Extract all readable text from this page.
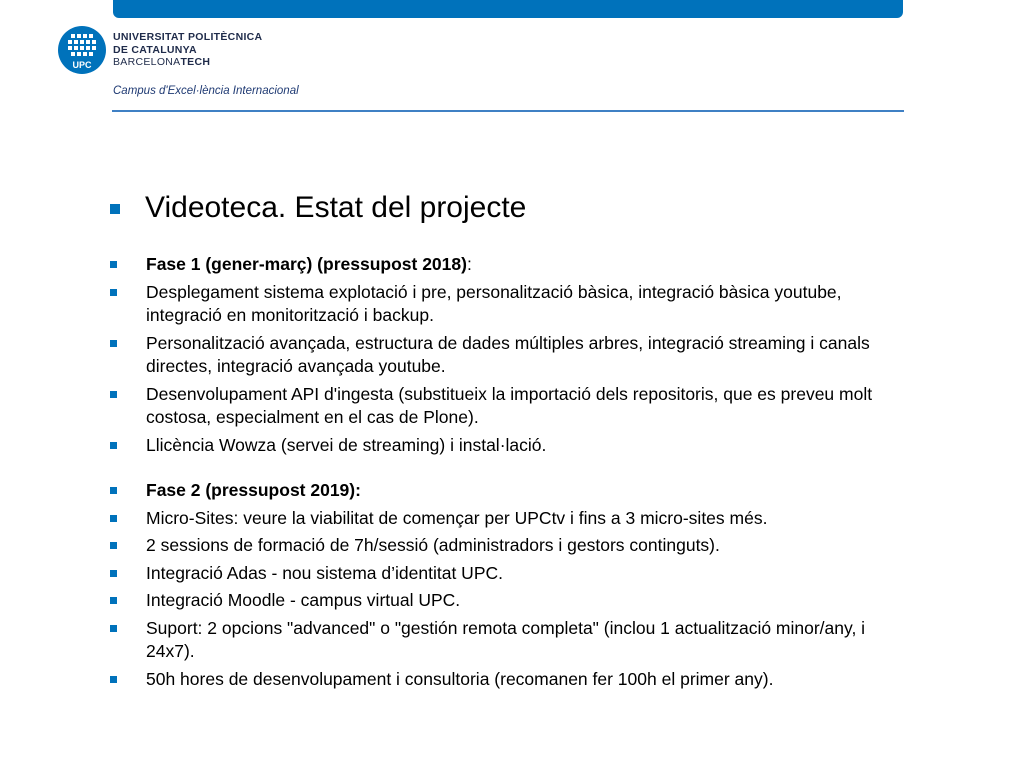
UPC
UNIVERSITAT POLITÈCNICA
DE CATALUNYA
BARCELONATECH
Campus d'Excel·lència Internacional
Videoteca. Estat del projecte
Fase 1 (gener-març) (pressupost 2018):
Desplegament sistema explotació i pre, personalització bàsica, integració bàsica youtube, integració en monitorització i backup.
Personalització avançada, estructura de dades múltiples arbres, integració streaming i canals directes, integració avançada youtube.
Desenvolupament API d'ingesta (substitueix la importació dels repositoris, que es preveu molt costosa, especialment en el cas de Plone).
Llicència Wowza (servei de streaming) i instal·lació.
Fase 2 (pressupost 2019):
Micro-Sites: veure la viabilitat de començar per UPCtv i fins a 3 micro-sites més.
2 sessions de formació de 7h/sessió (administradors i gestors continguts).
Integració Adas - nou sistema d’identitat UPC.
Integració Moodle - campus virtual UPC.
Suport: 2 opcions "advanced" o "gestión remota completa" (inclou 1 actualització minor/any, i 24x7).
50h hores de desenvolupament i consultoria (recomanen fer 100h el primer any).
